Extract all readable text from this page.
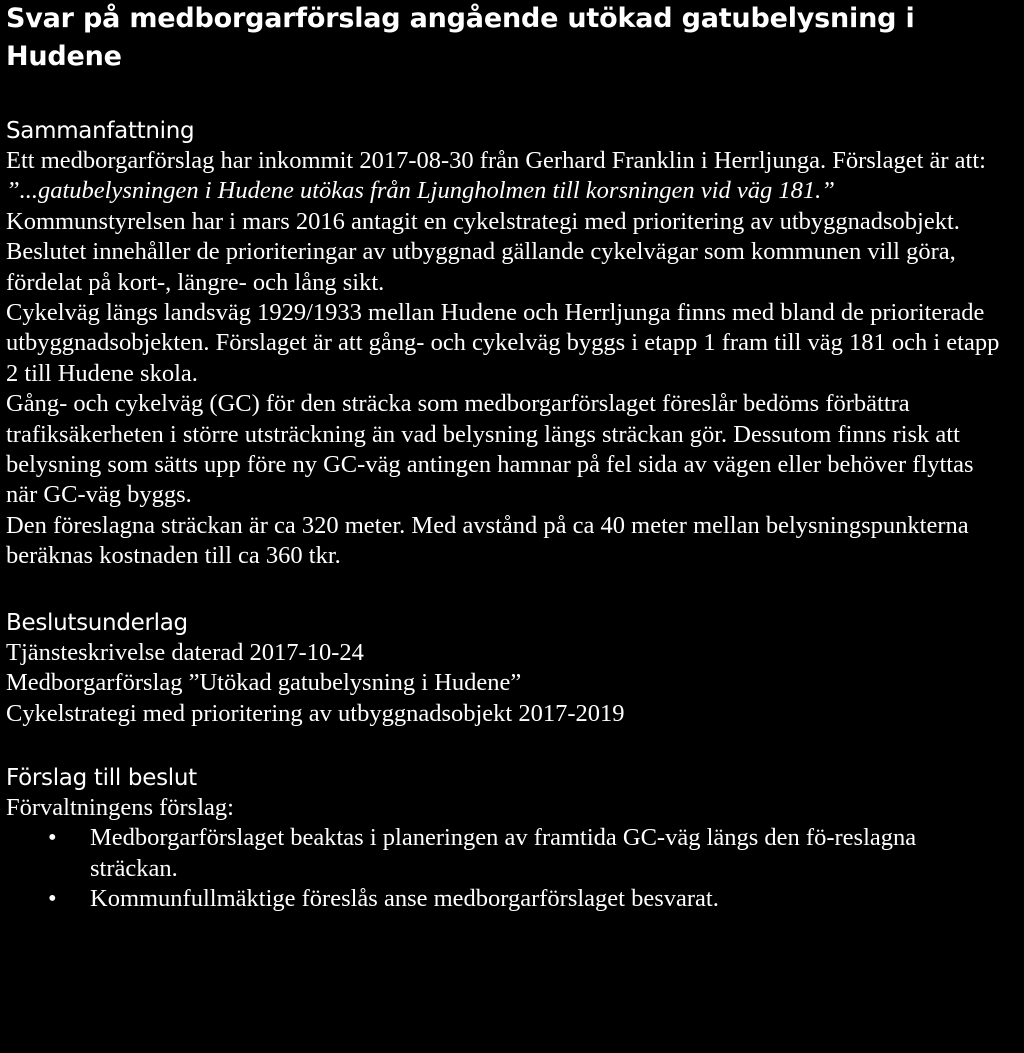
Svar på medborgarförslag angående utökad gatubelysning i Hudene
Sammanfattning

Ett medborgarförslag har inkommit 2017-08-30 från Gerhard Franklin i Herrljunga. Förslaget är att: ”...gatubelysningen i Hudene utökas från Ljungholmen till korsningen vid väg 181.”

Kommunstyrelsen har i mars 2016 antagit en cykelstrategi med prioritering av utbyggnadsobjekt. Beslutet innehåller de prioriteringar av utbyggnad gällande cykelvägar som kommunen vill göra, fördelat på kort-, längre- och lång sikt.

Cykelväg längs landsväg 1929/1933 mellan Hudene och Herrljunga finns med bland de prioriterade utbyggnadsobjekten. Förslaget är att gång- och cykelväg byggs i etapp 1 fram till väg 181 och i etapp 2 till Hudene skola.

Gång- och cykelväg (GC) för den sträcka som medborgarförslaget föreslår bedöms förbättra trafiksäkerheten i större utsträckning än vad belysning längs sträckan gör. Dessutom finns risk att belysning som sätts upp före ny GC-väg antingen hamnar på fel sida av vägen eller behöver flyttas när GC-väg byggs.

Den föreslagna sträckan är ca 320 meter. Med avstånd på ca 40 meter mellan belysningspunkterna beräknas kostnaden till ca 360 tkr.

Beslutsunderlag

Tjänsteskrivelse daterad 2017-10-24

Medborgarförslag ”Utökad gatubelysning i Hudene”

Cykelstrategi med prioritering av utbyggnadsobjekt 2017-2019

Förslag till beslut

Förvaltningens förslag:

• Medborgarförslaget beaktas i planeringen av framtida GC-väg längs den fö-reslagna sträckan.
• Kommunfullmäktige föreslås anse medborgarförslaget besvarat.
